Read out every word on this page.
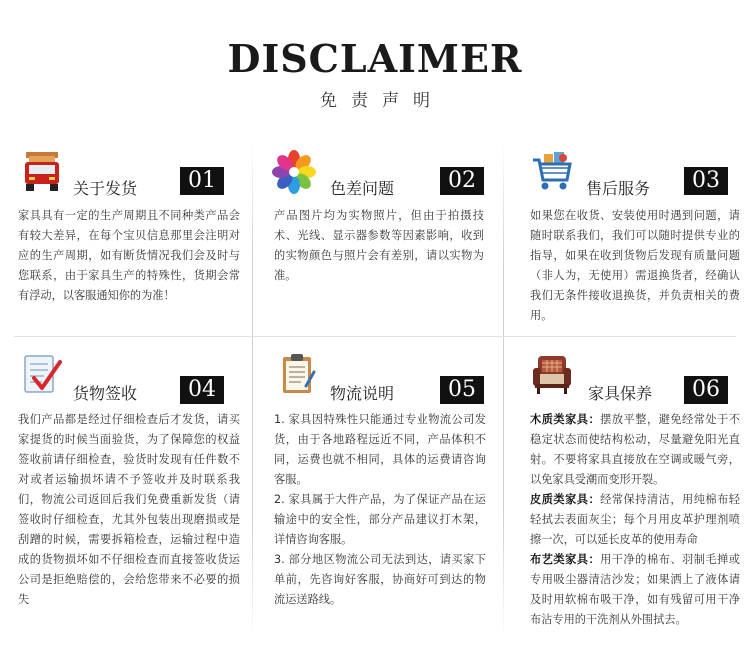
DISCLAIMER

免责声明

关于发货	01

家具具有一定的生产周期且不同种类产品会有较大差异，在每个宝贝信息那里会注明对应的生产周期，如有断货情况我们会及时与您联系，由于家具生产的特殊性，货期会常有浮动，以客服通知你的为准！

色差问题	02

产品图片均为实物照片，但由于拍摄技术、光线、显示器参数等因素影响，收到的实物颜色与照片会有差别，请以实物为准。

售后服务	03

如果您在收货、安装使用时遇到问题，请随时联系我们，我们可以随时提供专业的指导，如果在收到货物后发现有质量问题（非人为，无使用）需退换货者，经确认我们无条件接收退换货，并负责相关的费用。

货物签收	04

我们产品都是经过仔细检查后才发货，请买家提货的时候当面验货，为了保障您的权益签收前请仔细检查，验货时发现有任件数不对或者运输损坏请不予签收并及时联系我们，物流公司返回后我们免费重新发货（请签收时仔细检查，尤其外包装出现磨损或是刮蹭的时候，需要拆箱检查，运输过程中造成的货物损坏如不仔细检查而直接签收货运公司是拒绝赔偿的，会给您带来不必要的损失

物流说明	05

1. 家具因特殊性只能通过专业物流公司发货，由于各地路程远近不同，产品体积不同，运费也就不相同，具体的运费请咨询客服。

2. 家具属于大件产品，为了保证产品在运输途中的安全性，部分产品建议打木架，详情咨询客服。

3. 部分地区物流公司无法到达，请买家下单前，先咨询好客服，协商好可到达的物流运送路线。

家具保养	06

木质类家具：摆放平整，避免经常处于不稳定状态而使结构松动，尽量避免阳光直射。不要将家具直接放在空调或暖气旁，以免家具受潮而变形开裂。

皮质类家具：经常保持清洁，用纯棉布轻轻拭去表面灰尘；每个月用皮革护理剂喷擦一次，可以延长皮革的使用寿命

布艺类家具：用干净的棉布、羽制毛掸或专用吸尘器清洁沙发；如果洒上了液体请及时用软棉布吸干净，如有残留可用干净布沾专用的干洗剂从外围拭去。
